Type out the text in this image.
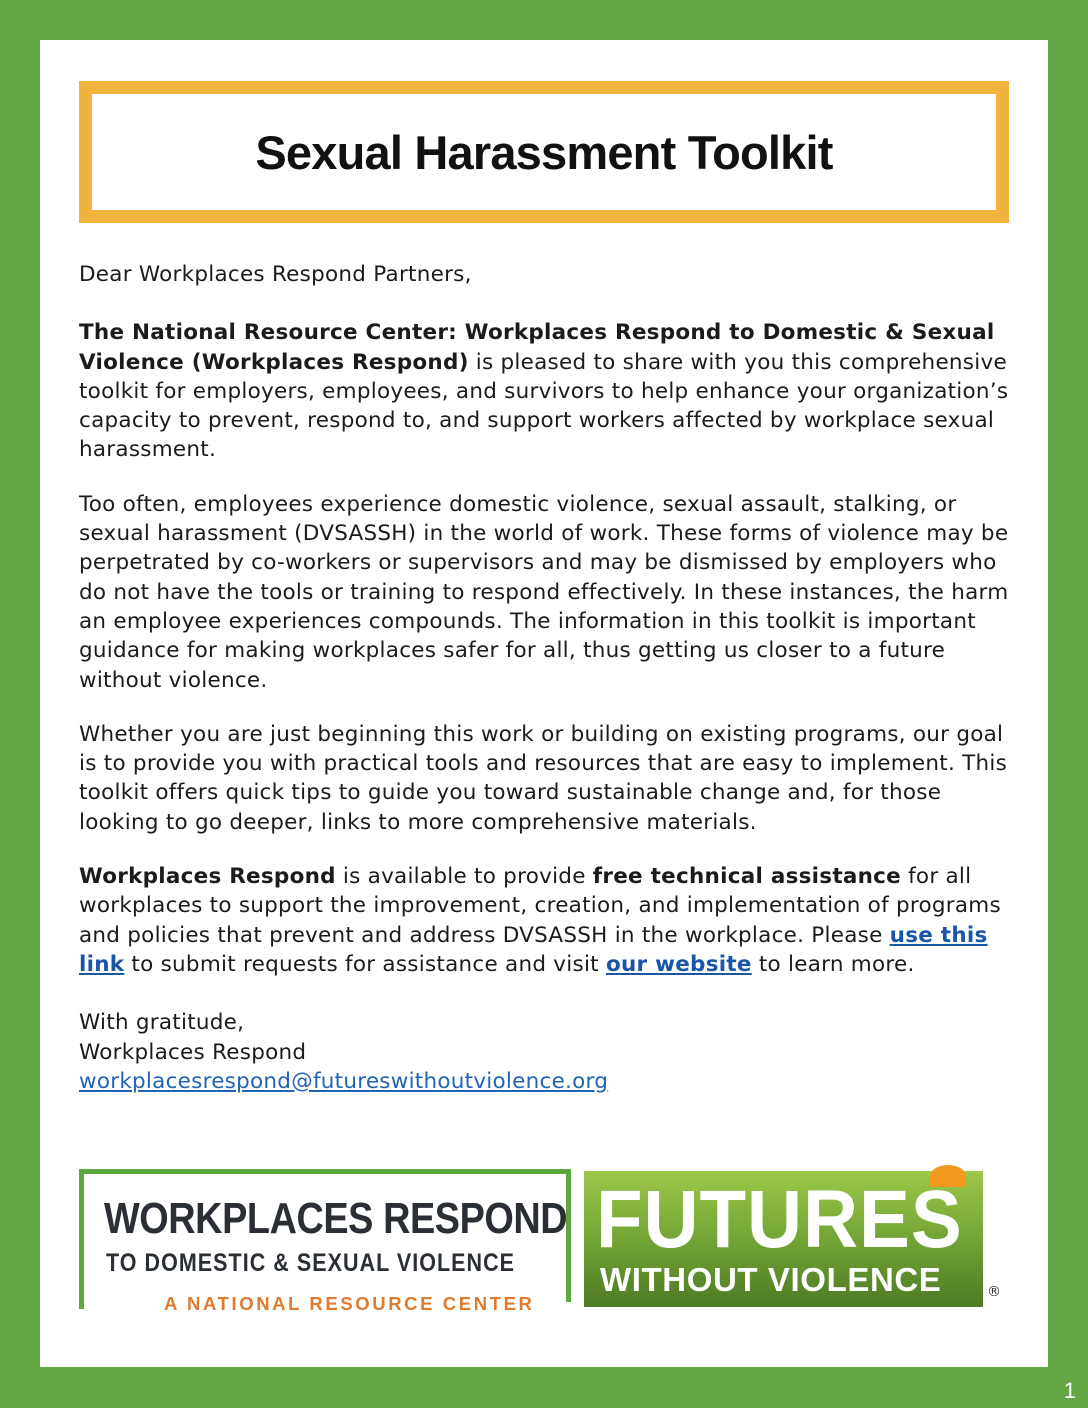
Sexual Harassment Toolkit

Dear Workplaces Respond Partners,

The National Resource Center: Workplaces Respond to Domestic & Sexual Violence (Workplaces Respond) is pleased to share with you this comprehensive toolkit for employers, employees, and survivors to help enhance your organization’s capacity to prevent, respond to, and support workers affected by workplace sexual harassment.

Too often, employees experience domestic violence, sexual assault, stalking, or sexual harassment (DVSASSH) in the world of work. These forms of violence may be perpetrated by co-workers or supervisors and may be dismissed by employers who do not have the tools or training to respond effectively. In these instances, the harm an employee experiences compounds. The information in this toolkit is important guidance for making workplaces safer for all, thus getting us closer to a future without violence.

Whether you are just beginning this work or building on existing programs, our goal is to provide you with practical tools and resources that are easy to implement. This toolkit offers quick tips to guide you toward sustainable change and, for those looking to go deeper, links to more comprehensive materials.

Workplaces Respond is available to provide free technical assistance for all workplaces to support the improvement, creation, and implementation of programs and policies that prevent and address DVSASSH in the workplace. Please use this link to submit requests for assistance and visit our website to learn more.

With gratitude,

Workplaces Respond

workplacesrespond@futureswithoutviolence.org

WORKPLACES RESPOND
TO DOMESTIC & SEXUAL VIOLENCE
A NATIONAL RESOURCE CENTER
FUTURES
WITHOUT VIOLENCE	®
1
